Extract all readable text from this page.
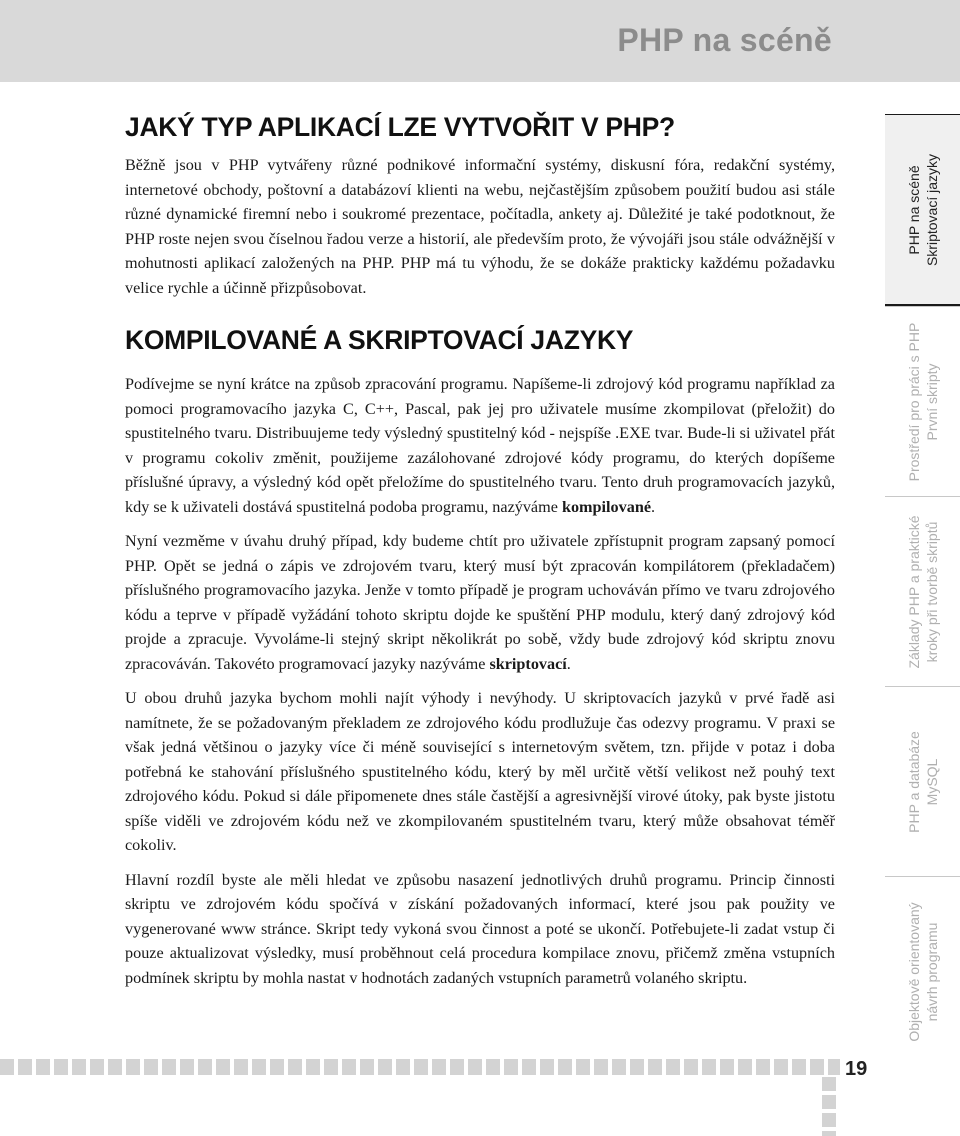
PHP na scéně
JAKÝ TYP APLIKACÍ LZE VYTVOŘIT V PHP?

Běžně jsou v PHP vytvářeny různé podnikové informační systémy, diskusní fóra, redakční systémy, internetové obchody, poštovní a databázoví klienti na webu, nejčastějším způsobem použití budou asi stále různé dynamické firemní nebo i soukromé prezentace, počítadla, ankety aj. Důležité je také podotknout, že PHP roste nejen svou číselnou řadou verze a historií, ale především proto, že vývojáři jsou stále odvážnější v mohutnosti aplikací založených na PHP. PHP má tu výhodu, že se dokáže prakticky každému požadavku velice rychle a účinně přizpůsobovat.

KOMPILOVANÉ A SKRIPTOVACÍ JAZYKY

Podívejme se nyní krátce na způsob zpracování programu. Napíšeme-li zdrojový kód programu například za pomoci programovacího jazyka C, C++, Pascal, pak jej pro uživatele musíme zkompilovat (přeložit) do spustitelného tvaru. Distribuujeme tedy výsledný spustitelný kód - nejspíše .EXE tvar. Bude-li si uživatel přát v programu cokoliv změnit, použijeme zazálohované zdrojové kódy programu, do kterých dopíšeme příslušné úpravy, a výsledný kód opět přeložíme do spustitelného tvaru. Tento druh programovacích jazyků, kdy se k uživateli dostává spustitelná podoba programu, nazýváme kompilované.

Nyní vezměme v úvahu druhý případ, kdy budeme chtít pro uživatele zpřístupnit program zapsaný pomocí PHP. Opět se jedná o zápis ve zdrojovém tvaru, který musí být zpracován kompilátorem (překladačem) příslušného programovacího jazyka. Jenže v tomto případě je program uchováván přímo ve tvaru zdrojového kódu a teprve v případě vyžádání tohoto skriptu dojde ke spuštění PHP modulu, který daný zdrojový kód projde a zpracuje. Vyvoláme-li stejný skript několikrát po sobě, vždy bude zdrojový kód skriptu znovu zpracováván. Takovéto programovací jazyky nazýváme skriptovací.

U obou druhů jazyka bychom mohli najít výhody i nevýhody. U skriptovacích jazyků v prvé řadě asi namítnete, že se požadovaným překladem ze zdrojového kódu prodlužuje čas odezvy programu. V praxi se však jedná většinou o jazyky více či méně související s internetovým světem, tzn. přijde v potaz i doba potřebná ke stahování příslušného spustitelného kódu, který by měl určitě větší velikost než pouhý text zdrojového kódu. Pokud si dále připomenete dnes stále častější a agresivnější virové útoky, pak byste jistotu spíše viděli ve zdrojovém kódu než ve zkompilovaném spustitelném tvaru, který může obsahovat téměř cokoliv.

Hlavní rozdíl byste ale měli hledat ve způsobu nasazení jednotlivých druhů programu. Princip činnosti skriptu ve zdrojovém kódu spočívá v získání požadovaných informací, které jsou pak použity ve vygenerované www stránce. Skript tedy vykoná svou činnost a poté se ukončí. Potřebujete-li zadat vstup či pouze aktualizovat výsledky, musí proběhnout celá procedura kompilace znovu, přičemž změna vstupních podmínek skriptu by mohla nastat v hodnotách zadaných vstupních parametrů volaného skriptu.

PHP na scéně Skriptovací jazyky
Prostředí pro práci s PHP První skripty
Základy PHP a praktické kroky při tvorbě skriptů
PHP a databáze MySQL
Objektově orientovaný návrh programu
19
